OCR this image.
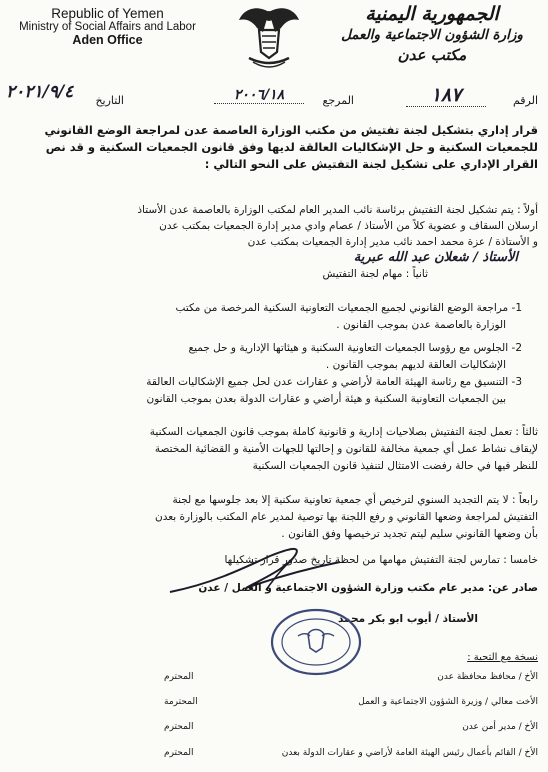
Republic of Yemen
Ministry of Social Affairs and Labor
Aden Office
الجمهورية اليمنية
وزارة الشؤون الاجتماعية والعمل
مكتب عدن
الرقم
١٨٧
المرجع
٢٠٠٦/١٨
التاريخ
٢٠٢١/٩/٤

قرار إداري بتشكيل لجنة تفتيش من مكتب الوزارة العاصمة عدن لمراجعة الوضع القانوني للجمعيات السكنية و حل الإشكاليات العالقة لديها وفق قانون الجمعيات السكنية و قد نص القرار الإداري على تشكيل لجنة التفتيش على النحو التالي :

أولاً : يتم تشكيل لجنة التفتيش برئاسة نائب المدير العام لمكتب الوزارة بالعاصمة عدن الأستاذ

ارسلان السقاف و عضوية كلاً من الأستاذ / عصام وادي مدير إدارة الجمعيات بمكتب عدن

و الأستاذة / عزة محمد احمد نائب مدير إدارة الجمعيات بمكتب عدن

الأستاذ / شعلان عبد الله عبرية

ثانياً : مهام لجنة التفتيش

1- مراجعة الوضع القانوني لجميع الجمعيات التعاونية السكنية المرخصة من مكتب

الوزارة بالعاصمة عدن بموجب القانون .

2- الجلوس مع رؤوسا الجمعيات التعاونية السكنية و هيئاتها الإدارية و حل جميع

الإشكاليات العالقة لديهم بموجب القانون .

3- التنسيق مع رئاسة الهيئة العامة لأراضي و عقارات عدن لحل جميع الإشكاليات العالقة

بين الجمعيات التعاونية السكنية و هيئة أراضي و عقارات الدولة بعدن بموجب القانون

ثالثاً : تعمل لجنة التفتيش بصلاحيات إدارية و قانونية كاملة بموجب قانون الجمعيات السكنية

لإيقاف نشاط عمل أي جمعية مخالفة للقانون و إحالتها للجهات الأمنية و القضائية المختصة

للنظر فيها في حالة رفضت الامتثال لتنفيذ قانون الجمعيات السكنية

رابعاً : لا يتم التجديد السنوي لترخيص أي جمعية تعاونية سكنية إلا بعد جلوسها مع لجنة

التفتيش لمراجعة وضعها القانوني و رفع اللجنة بها توصية لمدير عام المكتب بالوزارة بعدن

بأن وضعها القانوني سليم ليتم تجديد ترخيصها وفق القانون .

خامسا : تمارس لجنة التفتيش مهامها من لحظة تاريخ صدور قرار تشكيلها

صادر عن: مدير عام مكتب وزارة الشؤون الاجتماعية و العمل / عدن

الأستاذ / أيوب ابو بكر محمد

نسخة مع التحية :

الأخ / محافظ محافظة عدن
المحترم
الأخت معالي / وزيرة الشؤون الاجتماعية و العمل
المحترمة
الأخ / مدير أمن عدن
المحترم
الأخ / القائم بأعمال رئيس الهيئة العامة لأراضي و عقارات الدولة بعدن
المحترم
